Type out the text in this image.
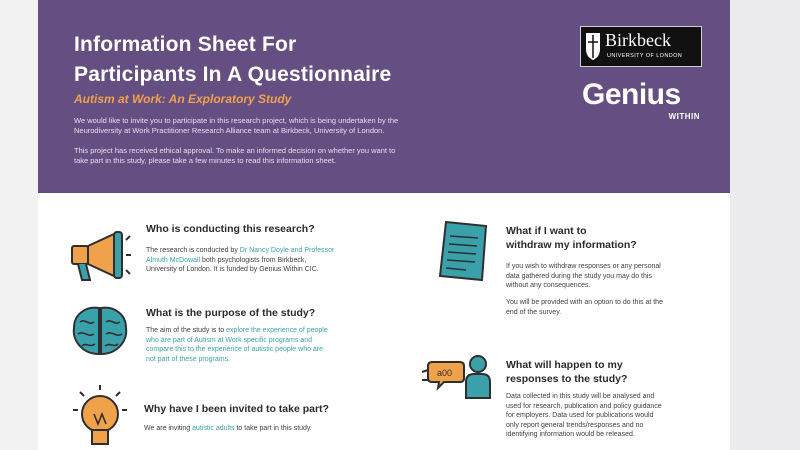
Information Sheet For
Participants In A Questionnaire

Autism at Work: An Exploratory Study

We would like to invite you to participate in this research project, which is being undertaken by the
Neurodiversity at Work Practitioner Research Alliance team at Birkbeck, University of London.

This project has received ethical approval. To make an informed decision on whether you want to
take part in this study, please take a few minutes to read this information sheet.

Birkbeck
UNIVERSITY OF LONDON
Genius
WITHIN
Who is conducting this research?

The research is conducted by Dr Nancy Doyle and Professor
Almuth McDowall both psychologists from Birkbeck,
University of London. It is funded by Genius Within CIC.

What is the purpose of the study?

The aim of the study is to explore the experience of people
who are part of Autism at Work specific programs and
compare this to the experience of autistic people who are
not part of these programs.

Why have I been invited to take part?

We are inviting autistic adults to take part in this study.

What if I want to
withdraw my information?

If you wish to withdraw responses or any personal
data gathered during the study you may do this
without any consequences.

You will be provided with an option to do this at the
end of the survey.

a00
What will happen to my
responses to the study?

Data collected in this study will be analysed and
used for research, publication and policy guidance
for employers. Data used for publications would
only report general trends/responses and no
identifying information would be released.
